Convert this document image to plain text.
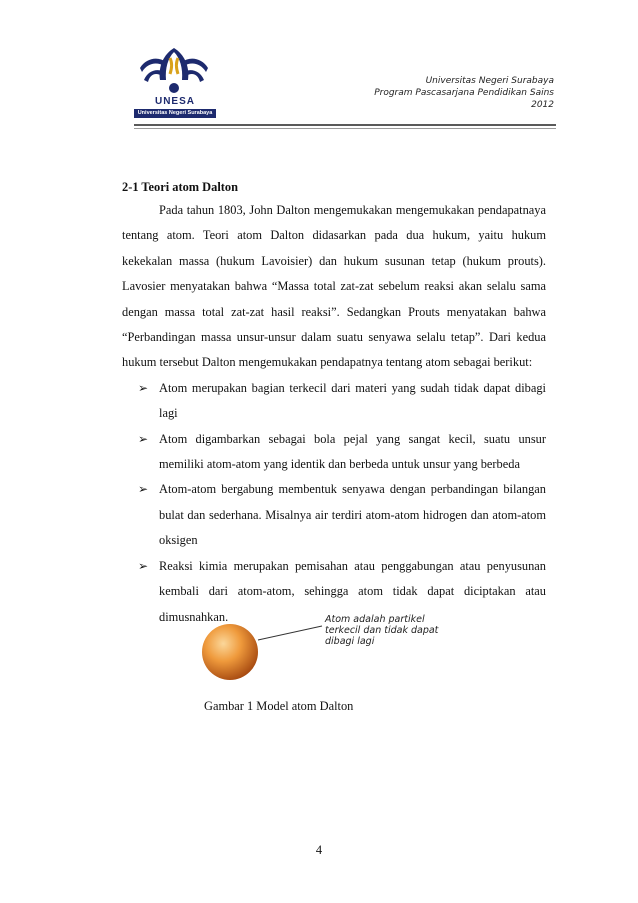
UNESA
Universitas Negeri Surabaya
Universitas Negeri Surabaya
Program Pascasarjana Pendidikan Sains
2012
2-1 Teori atom Dalton

Pada tahun 1803, John Dalton mengemukakan mengemukakan pendapatnaya tentang atom. Teori atom Dalton didasarkan pada dua hukum, yaitu hukum kekekalan massa (hukum Lavoisier) dan hukum susunan tetap (hukum prouts). Lavosier menyatakan bahwa “Massa total zat-zat sebelum reaksi akan selalu sama dengan massa total zat-zat hasil reaksi”. Sedangkan Prouts menyatakan bahwa “Perbandingan massa unsur-unsur dalam suatu senyawa selalu tetap”. Dari kedua hukum tersebut Dalton mengemukakan pendapatnya tentang atom sebagai berikut:

➢ Atom merupakan bagian terkecil dari materi yang sudah tidak dapat dibagi lagi
➢ Atom digambarkan sebagai bola pejal yang sangat kecil, suatu unsur memiliki atom-atom yang identik dan berbeda untuk unsur yang berbeda
➢ Atom-atom bergabung membentuk senyawa dengan perbandingan bilangan bulat dan sederhana. Misalnya air terdiri atom-atom hidrogen dan atom-atom oksigen
➢ Reaksi kimia merupakan pemisahan atau penggabungan atau penyusunan kembali dari atom-atom, sehingga atom tidak dapat diciptakan atau dimusnahkan.	Atom adalah partikel
terkecil dan tidak dapat
dibagi lagi
Gambar 1 Model atom Dalton
4
